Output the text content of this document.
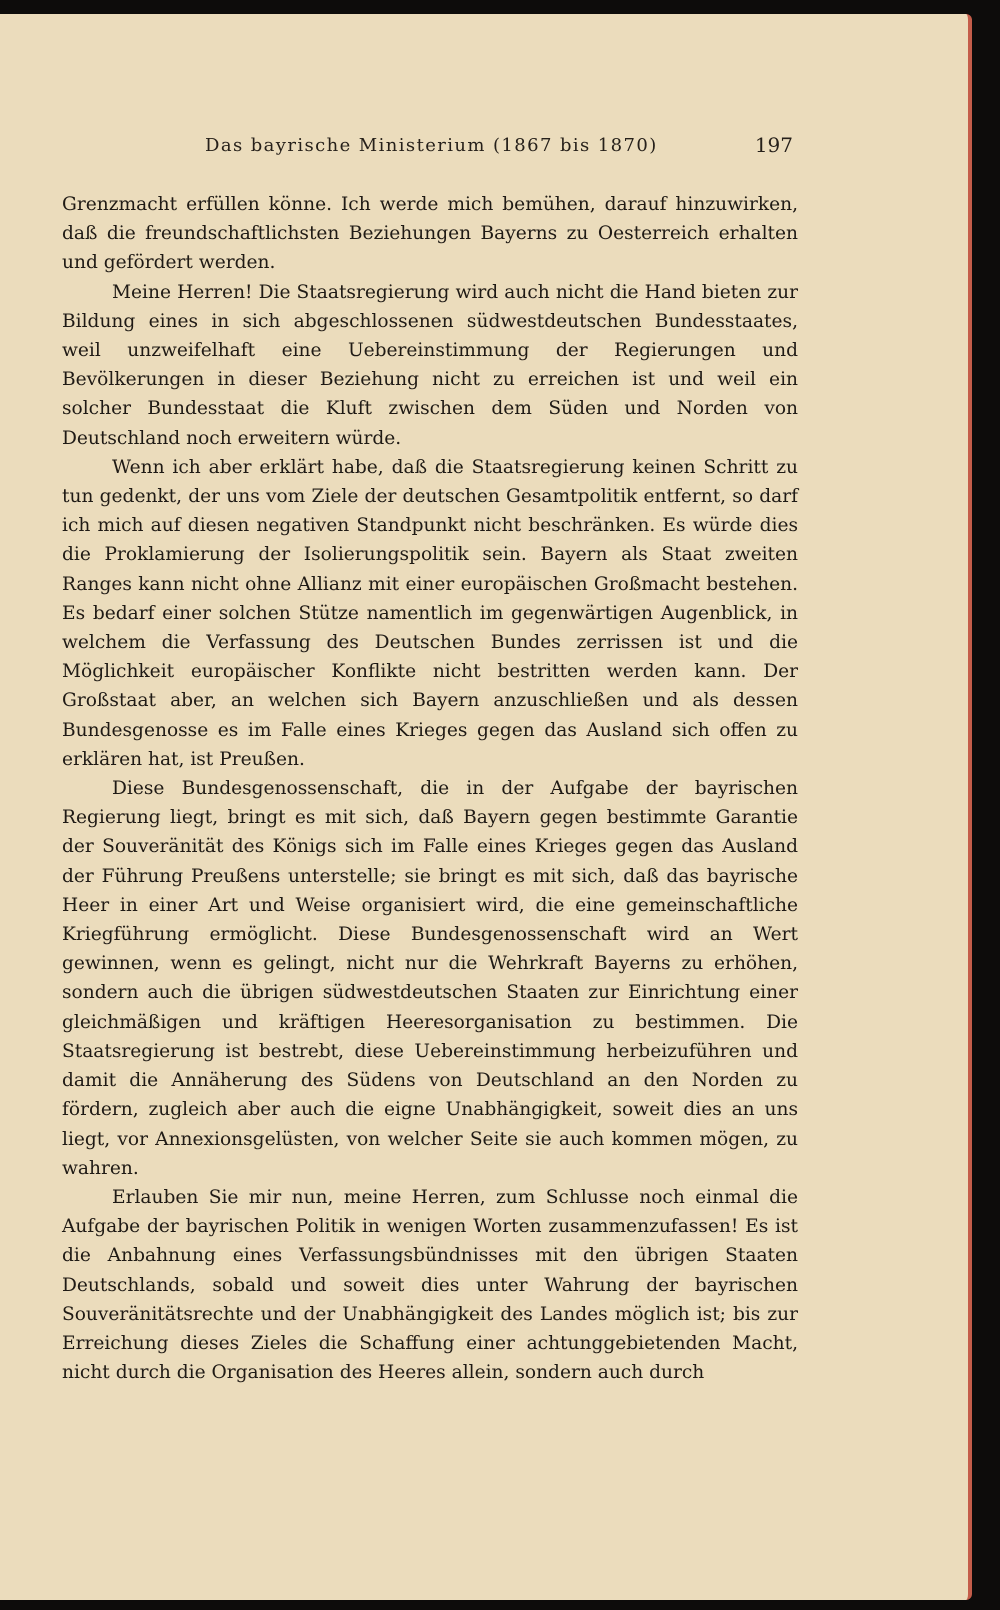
Das bayrische Ministerium (1867 bis 1870)	197

Grenzmacht erfüllen könne. Ich werde mich bemühen, darauf hinzuwirken, daß die freundschaftlichsten Beziehungen Bayerns zu Oesterreich erhalten und gefördert werden.

Meine Herren! Die Staatsregierung wird auch nicht die Hand bieten zur Bildung eines in sich abgeschlossenen südwestdeutschen Bundesstaates, weil unzweifelhaft eine Uebereinstimmung der Regierungen und Bevölkerungen in dieser Beziehung nicht zu erreichen ist und weil ein solcher Bundesstaat die Kluft zwischen dem Süden und Norden von Deutschland noch erweitern würde.

Wenn ich aber erklärt habe, daß die Staatsregierung keinen Schritt zu tun gedenkt, der uns vom Ziele der deutschen Gesamtpolitik entfernt, so darf ich mich auf diesen negativen Standpunkt nicht beschränken. Es würde dies die Proklamierung der Isolierungspolitik sein. Bayern als Staat zweiten Ranges kann nicht ohne Allianz mit einer europäischen Großmacht bestehen. Es bedarf einer solchen Stütze namentlich im gegenwärtigen Augenblick, in welchem die Verfassung des Deutschen Bundes zerrissen ist und die Möglichkeit europäischer Konflikte nicht bestritten werden kann. Der Großstaat aber, an welchen sich Bayern anzuschließen und als dessen Bundesgenosse es im Falle eines Krieges gegen das Ausland sich offen zu erklären hat, ist Preußen.

Diese Bundesgenossenschaft, die in der Aufgabe der bayrischen Regierung liegt, bringt es mit sich, daß Bayern gegen bestimmte Garantie der Souveränität des Königs sich im Falle eines Krieges gegen das Ausland der Führung Preußens unterstelle; sie bringt es mit sich, daß das bayrische Heer in einer Art und Weise organisiert wird, die eine gemeinschaftliche Kriegführung ermöglicht. Diese Bundesgenossenschaft wird an Wert gewinnen, wenn es gelingt, nicht nur die Wehrkraft Bayerns zu erhöhen, sondern auch die übrigen südwestdeutschen Staaten zur Einrichtung einer gleichmäßigen und kräftigen Heeresorganisation zu bestimmen. Die Staatsregierung ist bestrebt, diese Uebereinstimmung herbeizuführen und damit die Annäherung des Südens von Deutschland an den Norden zu fördern, zugleich aber auch die eigne Unabhängigkeit, soweit dies an uns liegt, vor Annexionsgelüsten, von welcher Seite sie auch kommen mögen, zu wahren.

Erlauben Sie mir nun, meine Herren, zum Schlusse noch einmal die Aufgabe der bayrischen Politik in wenigen Worten zusammenzufassen! Es ist die Anbahnung eines Verfassungsbündnisses mit den übrigen Staaten Deutschlands, sobald und soweit dies unter Wahrung der bayrischen Souveränitätsrechte und der Unabhängigkeit des Landes möglich ist; bis zur Erreichung dieses Zieles die Schaffung einer achtunggebietenden Macht, nicht durch die Organisation des Heeres allein, sondern auch durch
